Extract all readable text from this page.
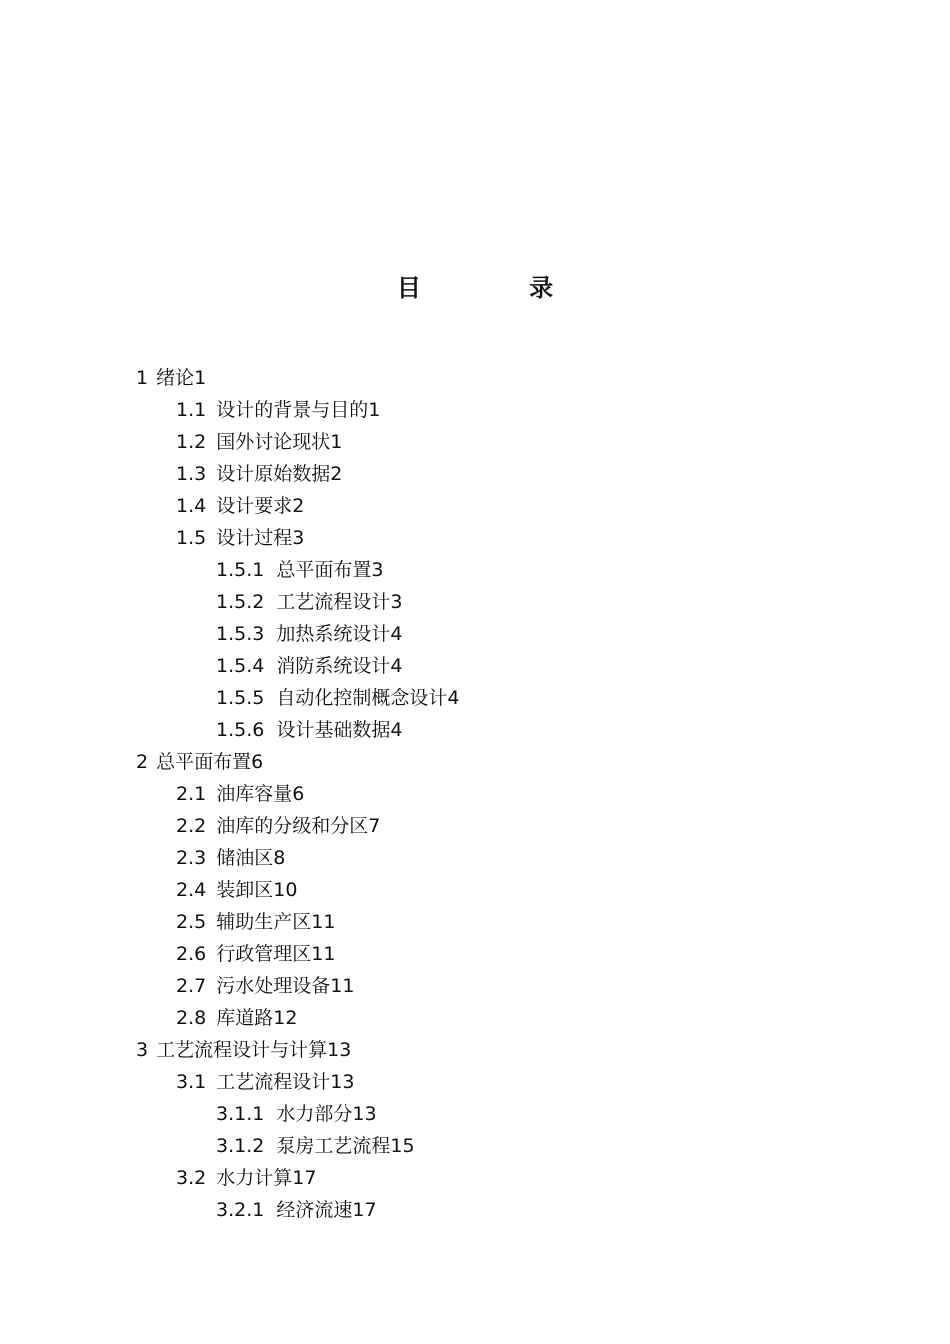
目 录
1 绪论1
1.1 设计的背景与目的1
1.2 国外讨论现状1
1.3 设计原始数据2
1.4 设计要求2
1.5 设计过程3
1.5.1 总平面布置3
1.5.2 工艺流程设计3
1.5.3 加热系统设计4
1.5.4 消防系统设计4
1.5.5 自动化控制概念设计4
1.5.6 设计基础数据4
2 总平面布置6
2.1 油库容量6
2.2 油库的分级和分区7
2.3 储油区8
2.4 装卸区10
2.5 辅助生产区11
2.6 行政管理区11
2.7 污水处理设备11
2.8 库道路12
3 工艺流程设计与计算13
3.1 工艺流程设计13
3.1.1 水力部分13
3.1.2 泵房工艺流程15
3.2 水力计算17
3.2.1 经济流速17
